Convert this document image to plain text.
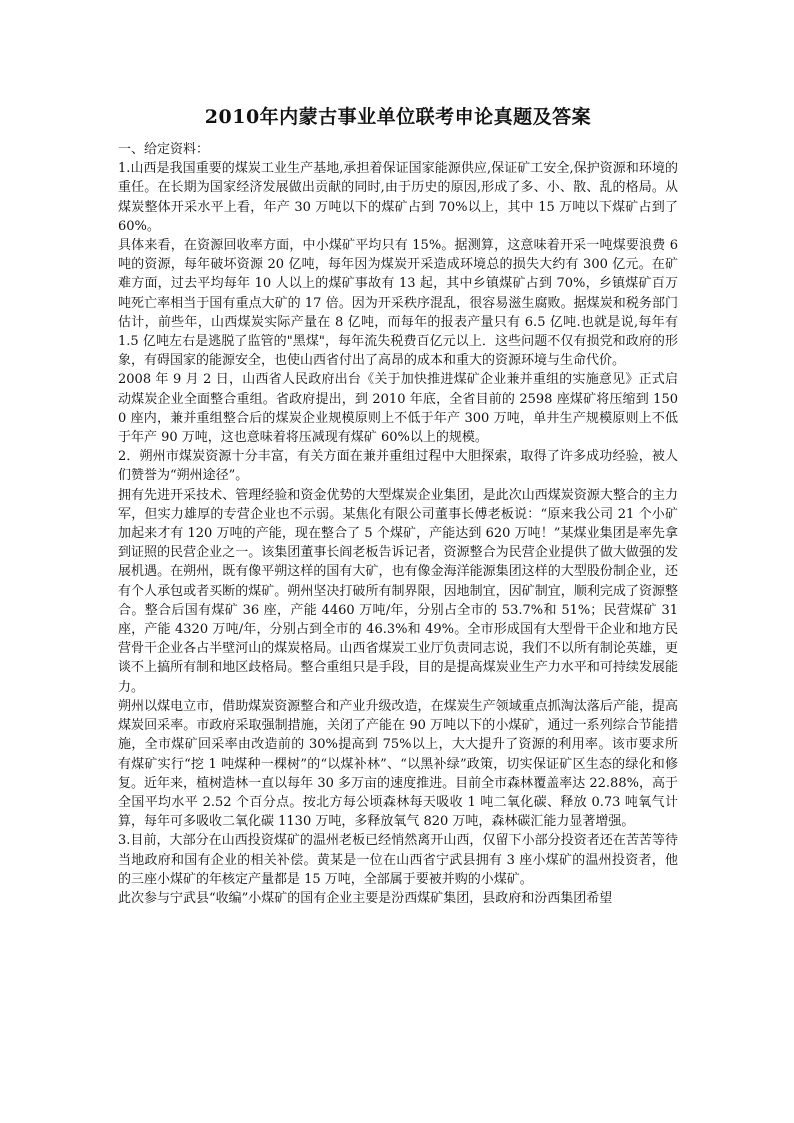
2010年内蒙古事业单位联考申论真题及答案

一、给定资料：

1.山西是我国重要的煤炭工业生产基地,承担着保证国家能源供应,保证矿工安全,保护资源和环境的重任。在长期为国家经济发展做出贡献的同时,由于历史的原因,形成了多、小、散、乱的格局。从煤炭整体开采水平上看，年产 30 万吨以下的煤矿占到 70%以上，其中 15 万吨以下煤矿占到了 60%。

具体来看，在资源回收率方面，中小煤矿平均只有 15%。据测算，这意味着开采一吨煤要浪费 6 吨的资源，每年破坏资源 20 亿吨，每年因为煤炭开采造成环境总的损失大约有 300 亿元。在矿难方面，过去平均每年 10 人以上的煤矿事故有 13 起，其中乡镇煤矿占到 70%，乡镇煤矿百万吨死亡率相当于国有重点大矿的 17 倍。因为开采秩序混乱，很容易滋生腐败。据煤炭和税务部门估计，前些年，山西煤炭实际产量在 8 亿吨，而每年的报表产量只有 6.5 亿吨.也就是说,每年有 1.5 亿吨左右是逃脱了监管的"黑煤"，每年流失税费百亿元以上．这些问题不仅有损党和政府的形象，有碍国家的能源安全，也使山西省付出了高昂的成本和重大的资源环境与生命代价。

2008 年 9 月 2 日，山西省人民政府出台《关于加快推进煤矿企业兼并重组的实施意见》正式启动煤炭企业全面整合重组。省政府提出，到 2010 年底，全省目前的 2598 座煤矿将压缩到 1500 座内，兼并重组整合后的煤炭企业规模原则上不低于年产 300 万吨，单井生产规模原则上不低于年产 90 万吨，这也意味着将压减现有煤矿 60%以上的规模。

2．朔州市煤炭资源十分丰富，有关方面在兼并重组过程中大胆探索，取得了许多成功经验，被人们赞誉为“朔州途径”。

拥有先进开采技术、管理经验和资金优势的大型煤炭企业集团，是此次山西煤炭资源大整合的主力军，但实力雄厚的专营企业也不示弱。某焦化有限公司董事长傅老板说：“原来我公司 21 个小矿加起来才有 120 万吨的产能，现在整合了 5 个煤矿，产能达到 620 万吨！”某煤业集团是率先拿到证照的民营企业之一。该集团董事长阎老板告诉记者，资源整合为民营企业提供了做大做强的发展机遇。在朔州，既有像平朔这样的国有大矿，也有像金海洋能源集团这样的大型股份制企业，还有个人承包或者买断的煤矿。朔州坚决打破所有制界限，因地制宜，因矿制宜，顺利完成了资源整合。整合后国有煤矿 36 座，产能 4460 万吨/年，分别占全市的 53.7%和 51%；民营煤矿 31 座，产能 4320 万吨/年，分别占到全市的 46.3%和 49%。全市形成国有大型骨干企业和地方民营骨干企业各占半壁河山的煤炭格局。山西省煤炭工业厅负责同志说，我们不以所有制论英雄，更谈不上搞所有制和地区歧格局。整合重组只是手段，目的是提高煤炭业生产力水平和可持续发展能力。

朔州以煤电立市，借助煤炭资源整合和产业升级改造，在煤炭生产领域重点抓淘汰落后产能，提高煤炭回采率。市政府采取强制措施，关闭了产能在 90 万吨以下的小煤矿，通过一系列综合节能措施，全市煤矿回采率由改造前的 30%提高到 75%以上，大大提升了资源的利用率。该市要求所有煤矿实行“挖 1 吨煤种一棵树”的“以煤补林”、“以黑补绿”政策，切实保证矿区生态的绿化和修复。近年来，植树造林一直以每年 30 多万亩的速度推进。目前全市森林覆盖率达 22.88%，高于全国平均水平 2.52 个百分点。按北方每公顷森林每天吸收 1 吨二氧化碳、释放 0.73 吨氧气计算，每年可多吸收二氧化碳 1130 万吨，多释放氧气 820 万吨，森林碳汇能力显著增强。

3.目前，大部分在山西投资煤矿的温州老板已经悄然离开山西，仅留下小部分投资者还在苦苦等待当地政府和国有企业的相关补偿。黄某是一位在山西省宁武县拥有 3 座小煤矿的温州投资者，他的三座小煤矿的年核定产量都是 15 万吨，全部属于要被并购的小煤矿。

此次参与宁武县“收编”小煤矿的国有企业主要是汾西煤矿集团，县政府和汾西集团希望
